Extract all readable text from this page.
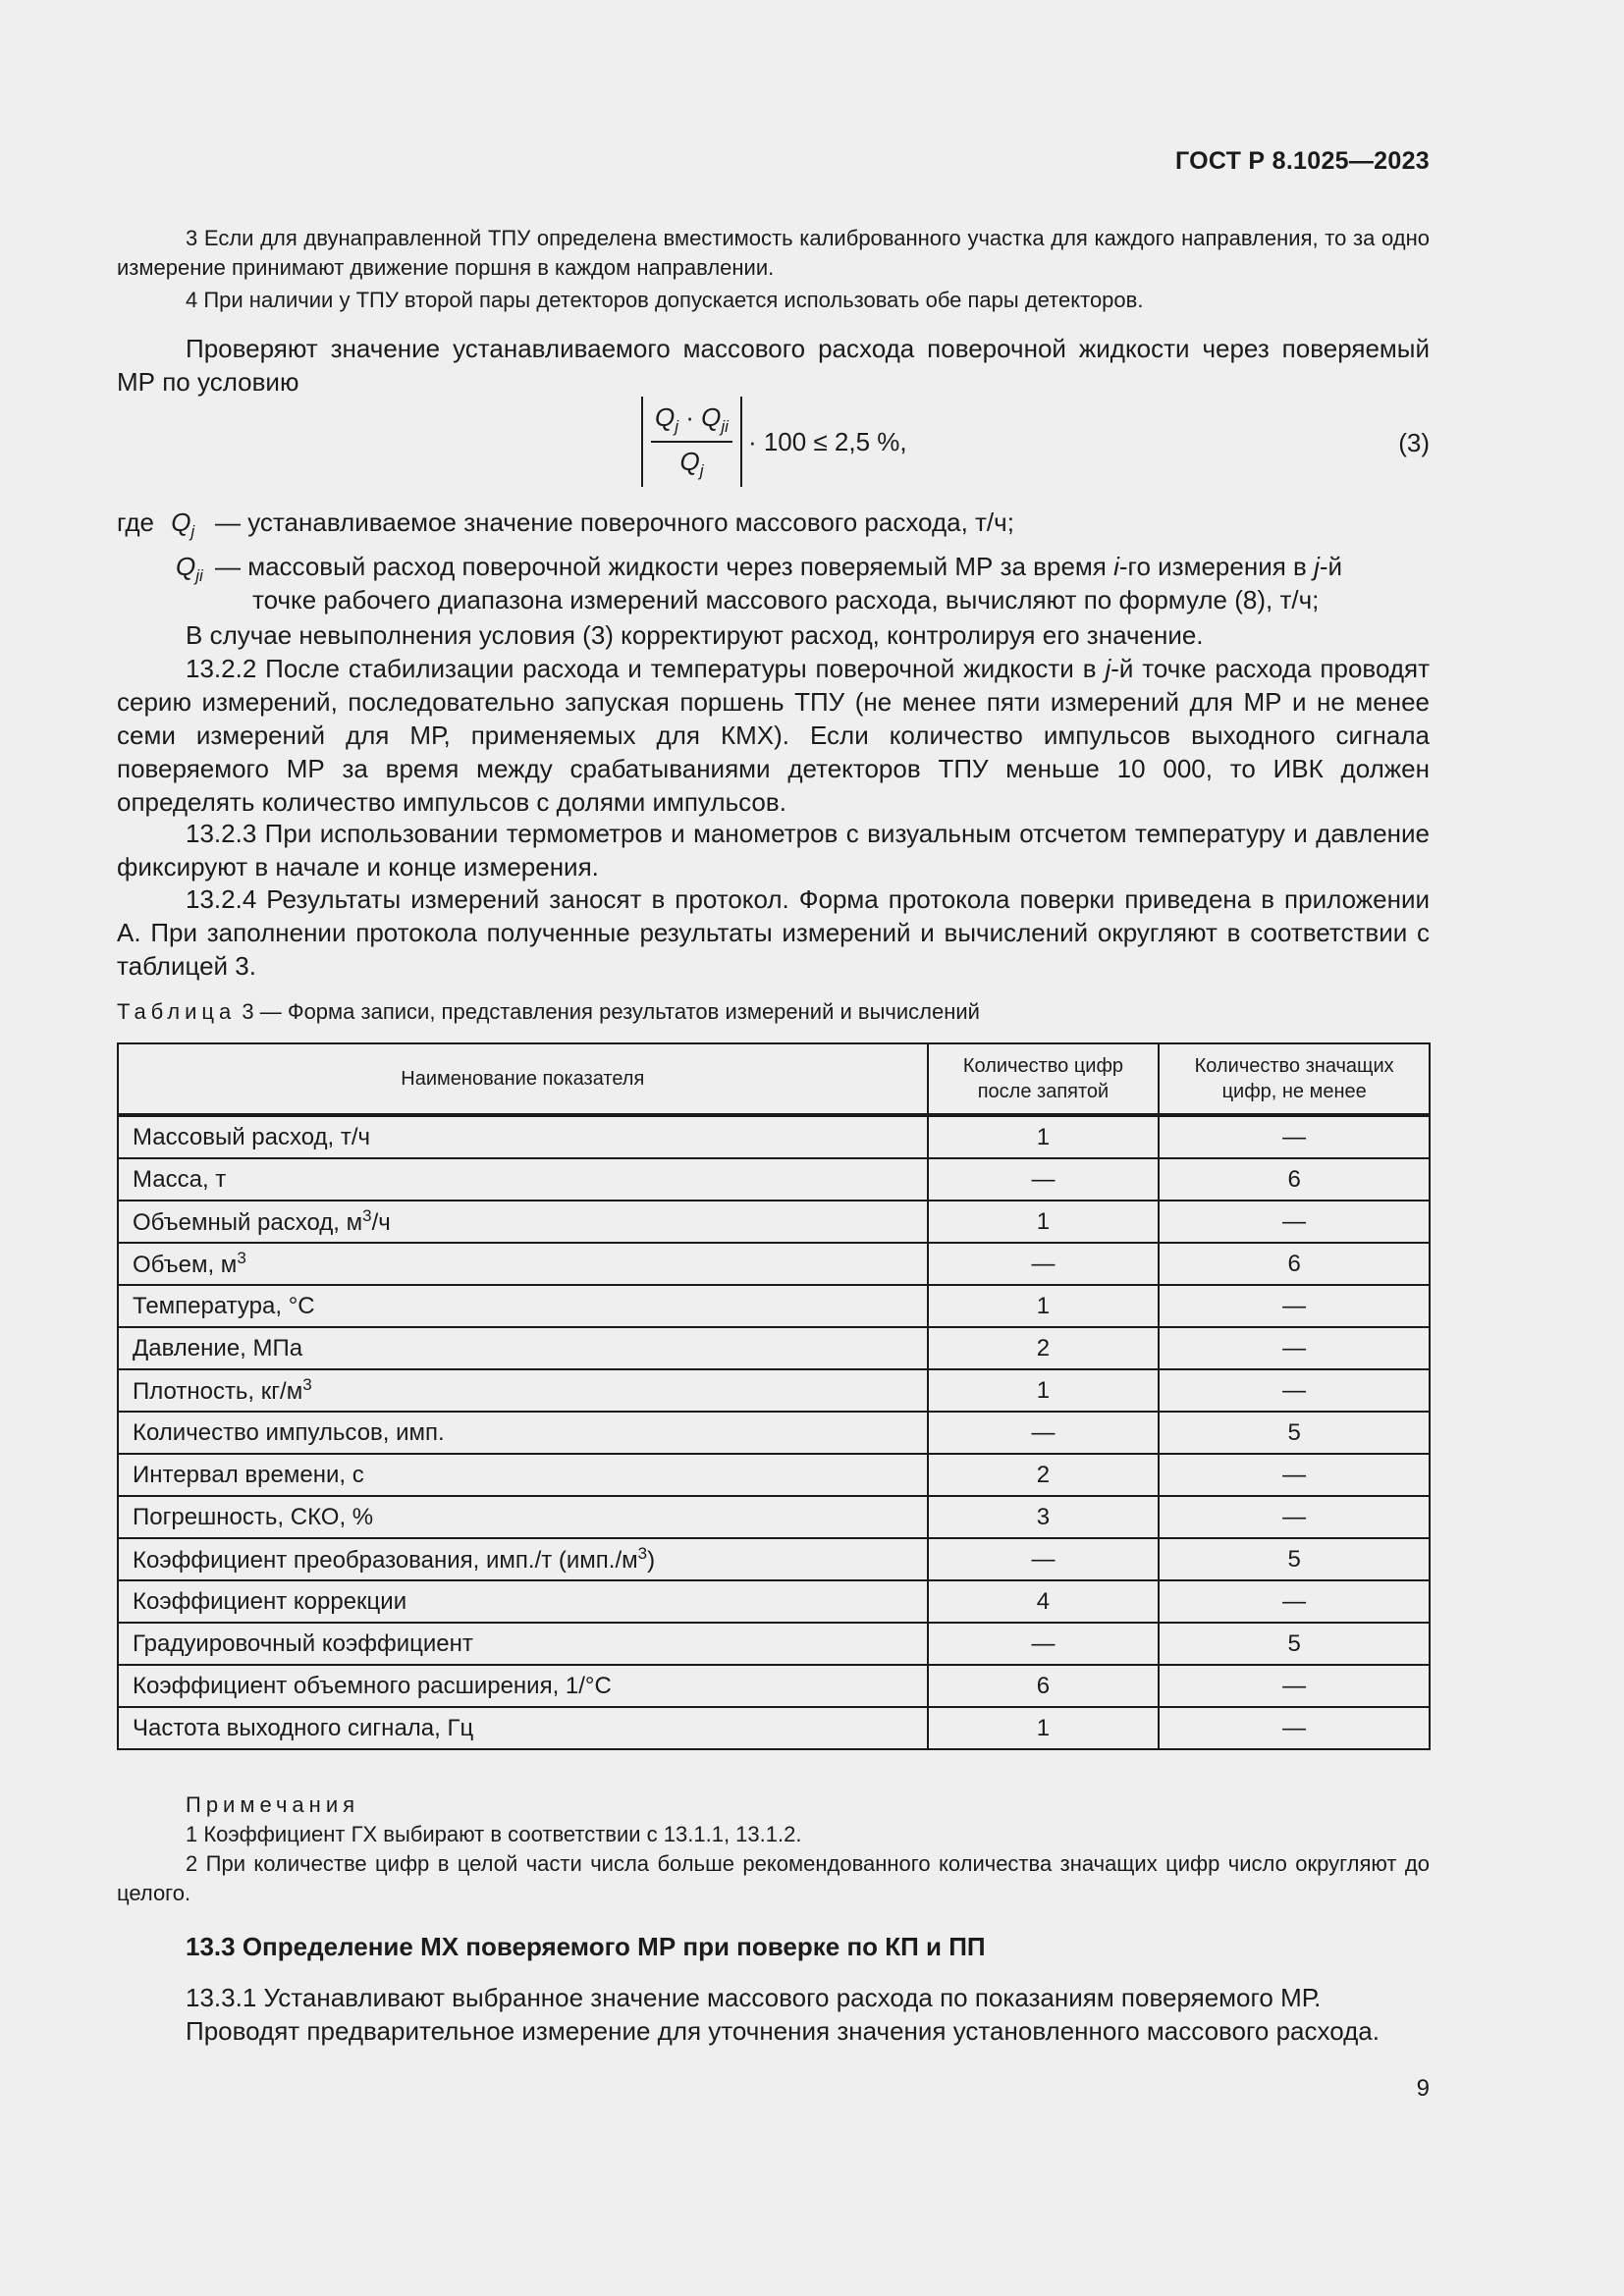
ГОСТ Р 8.1025—2023
3 Если для двунаправленной ТПУ определена вместимость калиброванного участка для каждого направления, то за одно измерение принимают движение поршня в каждом направлении.
4 При наличии у ТПУ второй пары детекторов допускается использовать обе пары детекторов.
Проверяют значение устанавливаемого массового расхода поверочной жидкости через поверяемый МР по условию
$\frac{Q_j \cdot Q_{ji}}{Q_j} \cdot 100 \le 2,5$ %,	(3)
где $Q_j$ — устанавливаемое значение поверочного массового расхода, т/ч;
$Q_{ji}$ — массовый расход поверочной жидкости через поверяемый МР за время i-го измерения в j-й
точке рабочего диапазона измерений массового расхода, вычисляют по формуле (8), т/ч;
В случае невыполнения условия (3) корректируют расход, контролируя его значение.
13.2.2 После стабилизации расхода и температуры поверочной жидкости в j-й точке расхода проводят серию измерений, последовательно запуская поршень ТПУ (не менее пяти измерений для МР и не менее семи измерений для МР, применяемых для КМХ). Если количество импульсов выходного сигнала поверяемого МР за время между срабатываниями детекторов ТПУ меньше 10 000, то ИВК должен определять количество импульсов с долями импульсов.
13.2.3 При использовании термометров и манометров с визуальным отсчетом температуру и давление фиксируют в начале и конце измерения.
13.2.4 Результаты измерений заносят в протокол. Форма протокола поверки приведена в приложении А. При заполнении протокола полученные результаты измерений и вычислений округляют в соответствии с таблицей 3.
Таблица 3 — Форма записи, представления результатов измерений и вычислений
Наименование показателя	Количество цифр после запятой	Количество значащих цифр, не менее
Массовый расход, т/ч	1	—
Масса, т	—	6
Объемный расход, $м^3/ч$	1	—
Объем, $м^3$	—	6
Температура, °C	1	—
Давление, МПа	2	—
Плотность, $кг/м^3$	1	—
Количество импульсов, имп.	—	5
Интервал времени, с	2	—
Погрешность, СКО, %	3	—
Коэффициент преобразования, имп./т $(имп./м^3)$	—	5
Коэффициент коррекции	4	—
Градуировочный коэффициент	—	5
Коэффициент объемного расширения, 1/°C	6	—
Частота выходного сигнала, Гц	1	—
Примечания
1 Коэффициент ГХ выбирают в соответствии с 13.1.1, 13.1.2.
2 При количестве цифр в целой части числа больше рекомендованного количества значащих цифр число округляют до целого.
13.3 Определение МХ поверяемого МР при поверке по КП и ПП
13.3.1 Устанавливают выбранное значение массового расхода по показаниям поверяемого МР.
Проводят предварительное измерение для уточнения значения установленного массового расхода.
9
